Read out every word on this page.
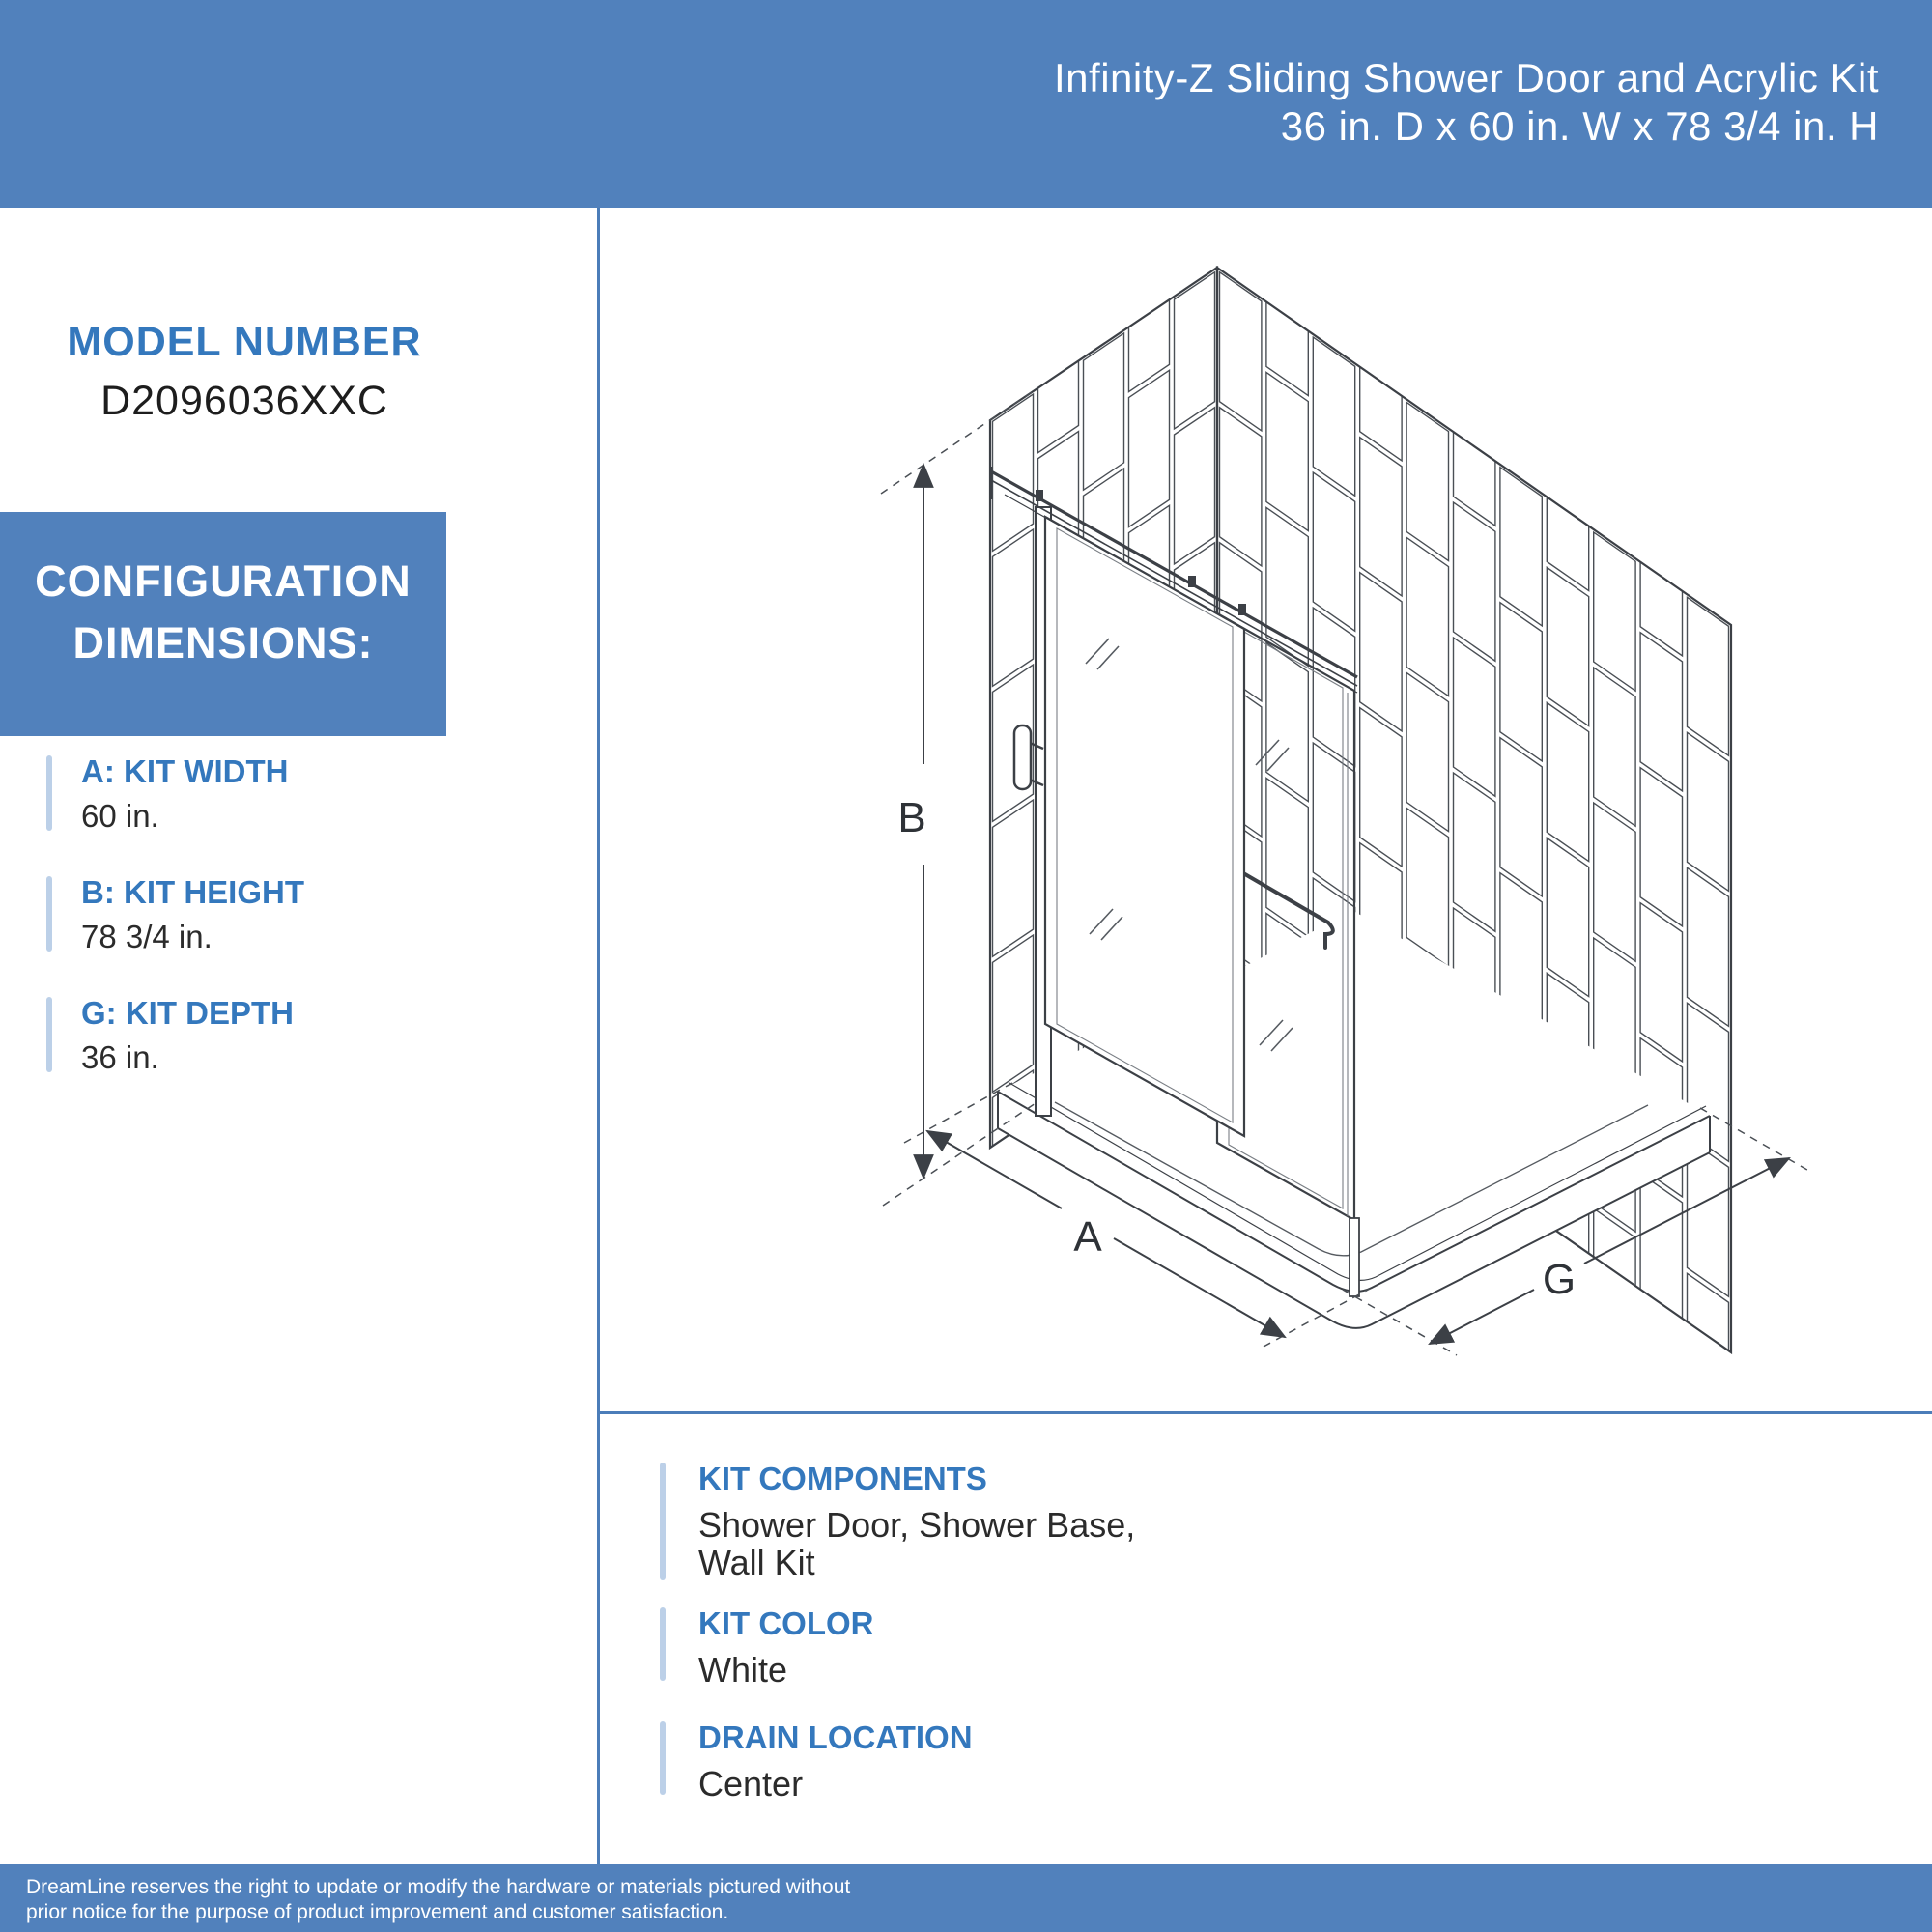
Infinity-Z Sliding Shower Door and Acrylic Kit
36 in. D x 60 in. W x 78 3/4 in. H
MODEL NUMBER
D2096036XXC
CONFIGURATION
DIMENSIONS:
A: KIT WIDTH
60 in.
B: KIT HEIGHT
78 3/4 in.
G: KIT DEPTH
36 in.
B
A
G
KIT COMPONENTS
Shower Door, Shower Base,
Wall Kit
KIT COLOR
White
DRAIN LOCATION
Center
DreamLine reserves the right to update or modify the hardware or materials pictured without
prior notice for the purpose of product improvement and customer satisfaction.
